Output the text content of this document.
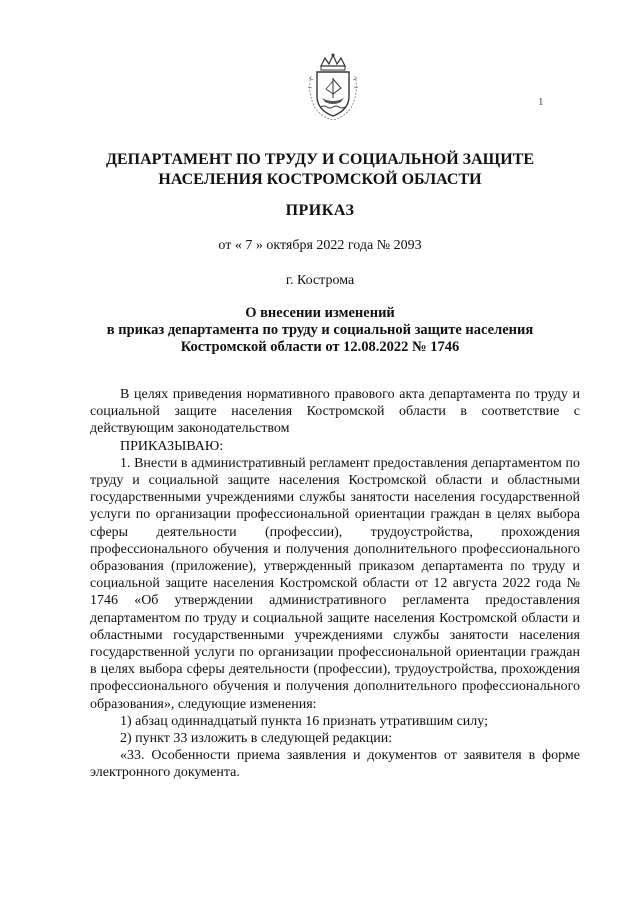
1
ДЕПАРТАМЕНТ ПО ТРУДУ И СОЦИАЛЬНОЙ ЗАЩИТЕ
НАСЕЛЕНИЯ КОСТРОМСКОЙ ОБЛАСТИ
ПРИКАЗ
от « 7 » октября 2022 года № 2093
г. Кострома
О внесении изменений
в приказ департамента по труду и социальной защите населения
Костромской области от 12.08.2022 № 1746

В целях приведения нормативного правового акта департамента по труду и социальной защите населения Костромской области в соответствие с действующим законодательством

ПРИКАЗЫВАЮ:

1. Внести в административный регламент предоставления департаментом по труду и социальной защите населения Костромской области и областными государственными учреждениями службы занятости населения государственной услуги по организации профессиональной ориентации граждан в целях выбора сферы деятельности (профессии), трудоустройства, прохождения профессионального обучения и получения дополнительного профессионального образования (приложение), утвержденный приказом департамента по труду и социальной защите населения Костромской области от 12 августа 2022 года № 1746 «Об утверждении административного регламента предоставления департаментом по труду и социальной защите населения Костромской области и областными государственными учреждениями службы занятости населения государственной услуги по организации профессиональной ориентации граждан в целях выбора сферы деятельности (профессии), трудоустройства, прохождения профессионального обучения и получения дополнительного профессионального образования», следующие изменения:

1) абзац одиннадцатый пункта 16 признать утратившим силу;

2) пункт 33 изложить в следующей редакции:

«33. Особенности приема заявления и документов от заявителя в форме электронного документа.
